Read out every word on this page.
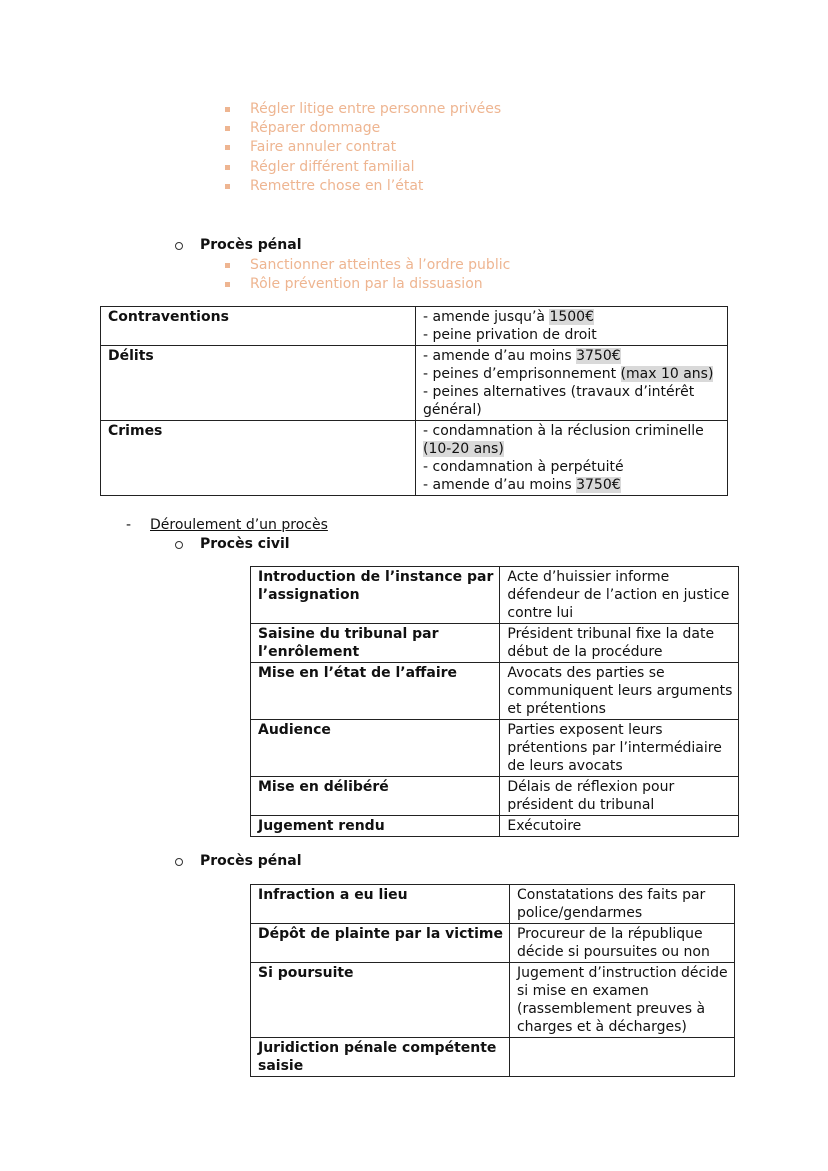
Régler litige entre personne privées
Réparer dommage
Faire annuler contrat
Régler différent familial
Remettre chose en l’état
Procès pénal
Sanctionner atteintes à l’ordre public
Rôle prévention par la dissuasion
Contraventions	- amende jusqu’à 1500€
- peine privation de droit

Délits	- amende d’au moins 3750€
- peines d’emprisonnement (max 10 ans)
- peines alternatives (travaux d’intérêt
général)

Crimes	- condamnation à la réclusion criminelle
(10-20 ans)
- condamnation à perpétuité
- amende d’au moins 3750€
- Déroulement d’un procès
Procès civil
Introduction de l’instance par
l’assignation	Acte d’huissier informe
défendeur de l’action en justice
contre lui

Saisine du tribunal par
l’enrôlement	Président tribunal fixe la date
début de la procédure

Mise en l’état de l’affaire	Avocats des parties se
communiquent leurs arguments
et prétentions

Audience	Parties exposent leurs
prétentions par l’intermédiaire
de leurs avocats

Mise en délibéré	Délais de réflexion pour
président du tribunal

Jugement rendu	Exécutoire
Procès pénal
Infraction a eu lieu	Constatations des faits par
police/gendarmes

Dépôt de plainte par la victime	Procureur de la république
décide si poursuites ou non

Si poursuite	Jugement d’instruction décide
si mise en examen
(rassemblement preuves à
charges et à décharges)

Juridiction pénale compétente
saisie	
